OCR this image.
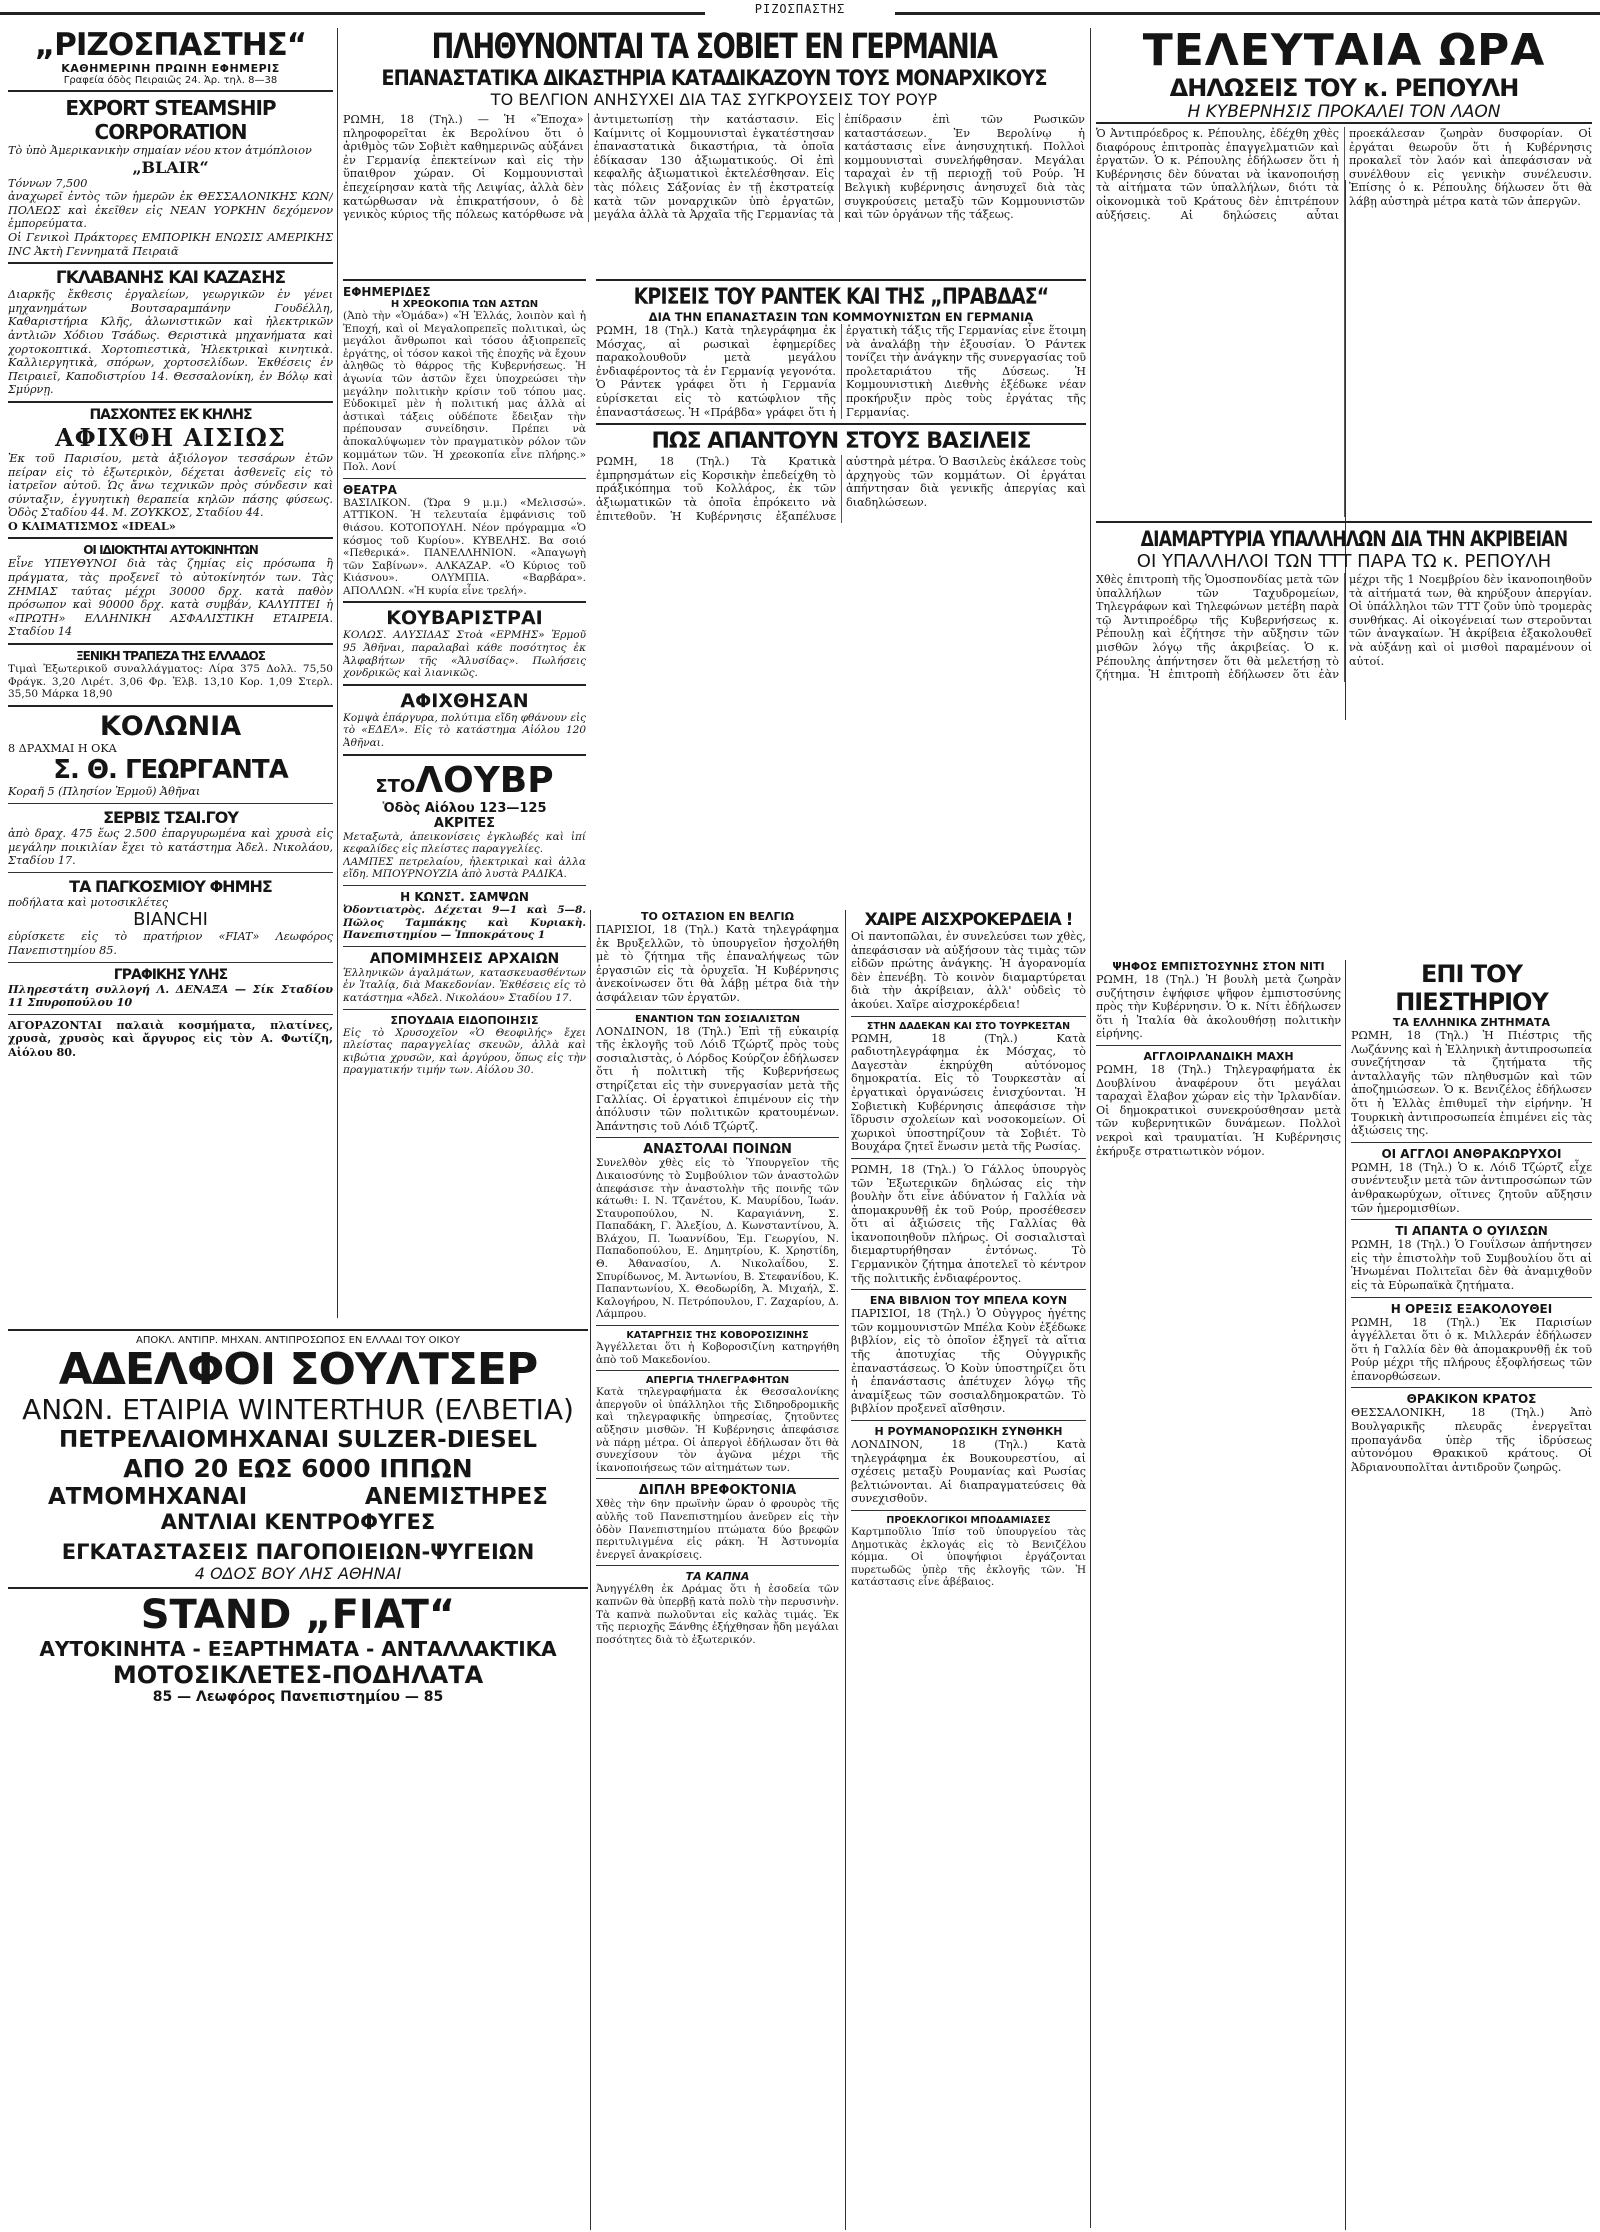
ΡΙΖΟΣΠΑΣΤΗΣ
„ΡΙΖΟΣΠΑΣΤΗΣ“
ΚΑΘΗΜΕΡΙΝΗ ΠΡΩΙΝΗ ΕΦΗΜΕΡΙΣ
Γραφεία όδὸς Πειραιῶς 24. Ἀρ. τηλ. 8—38
EXPORT STEAMSHIP CORPORATION
Τὸ ὑπὸ Ἀμερικανικὴν σημαίαν νέου κτον ἀτμόπλοιον
„BLAIR“
Τόννων 7,500
ἀναχωρεῖ ἐντὸς τῶν ἡμερῶν ἐκ ΘΕΣΣΑΛΟΝΙΚΗΣ ΚΩΝ/ΠΟΛΕΩΣ καὶ ἐκεῖθεν εἰς ΝΕΑΝ ΥΟΡΚΗΝ δεχόμενον ἐμπορεύματα.
Οἱ Γενικοὶ Πράκτορες ΕΜΠΟΡΙΚΗ ΕΝΩΣΙΣ ΑΜΕΡΙΚΗΣ INC Ἀκτὴ Γεννηματᾶ Πειραιᾶ
ΓΚΛΑΒΑΝΗΣ ΚΑΙ ΚΑΖΑΣΗΣ
Διαρκῆς ἔκθεσις ἐργαλείων, γεωργικῶν ἐν γένει μηχανημάτων Βουτσαραμπάνην Γουδέλλη, Καθαριστήρια Κλῆς, ἀλωνιστικῶν καὶ ἠλεκτρικῶν ἀντλιῶν Χόδιου Τσάδως. Θεριστικὰ μηχανήματα καὶ χορτοκοπτικά. Χορτοπιεστικὰ, Ἠλεκτρικαὶ κινητικὰ. Καλλιεργητικὰ, σπόρων, χορτοσελίδων. Ἐκθέσεις ἐν Πειραιεῖ, Καποδιστρίου 14. Θεσσαλονίκη, ἐν Βόλῳ καὶ Σμύρνῃ.
ΠΑΣΧΟΝΤΕΣ ΕΚ ΚΗΛΗΣ
ΑΦΙΧΘΗ ΑΙΣΙΩΣ
Ἐκ τοῦ Παρισίου, μετὰ ἀξιόλογον τεσσάρων ἐτῶν πείραν εἰς τὸ ἐξωτερικὸν, δέχεται ἀσθενεῖς εἰς τὸ ἰατρεῖον αὐτοῦ. Ὡς ἄνω τεχνικῶν πρὸς σύνδεσιν καὶ σύνταξιν, ἐγγυητικὴ θεραπεία κηλῶν πάσης φύσεως. Ὁδὸς Σταδίου 44. Μ. ΖΟΥΚΚΟΣ, Σταδίου 44.
Ο ΚΛΙΜΑΤΙΣΜΟΣ «IDEAL»
ΟΙ ΙΔΙΟΚΤΗΤΑΙ ΑΥΤΟΚΙΝΗΤΩΝ
Εἶνε ΥΠΕΥΘΥΝΟΙ διὰ τὰς ζημίας εἰς πρόσωπα ἢ πράγματα, τὰς προξενεῖ τὸ αὐτοκίνητόν των. Τὰς ΖΗΜΙΑΣ ταύτας μέχρι 30000 δρχ. κατὰ παθὸν πρόσωπον καὶ 90000 δρχ. κατὰ συμβάν, ΚΑΛΥΠΤΕΙ ἡ «ΠΡΩΤΗ» ΕΛΛΗΝΙΚΗ ΑΣΦΑΛΙΣΤΙΚΗ ΕΤΑΙΡΕΙΑ. Σταδίου 14
ΞΕΝΙΚΗ ΤΡΑΠΕΖΑ ΤΗΣ ΕΛΛΑΔΟΣ
Τιμαὶ Ἐξωτερικοῦ συναλλάγματος: Λίρα 375 Δολλ. 75,50 Φράγκ. 3,20 Λιρέτ. 3,06 Φρ. Ἑλβ. 13,10 Κορ. 1,09 Στερλ. 35,50 Μάρκα 18,90
ΚΟΛΩΝΙΑ
8 ΔΡΑΧΜΑΙ Η ΟΚΑ
Σ. Θ. ΓΕΩΡΓΑΝΤΑ
Κοραῆ 5 (Πλησίον Ἐρμοῦ) Ἀθῆναι
ΣΕΡΒΙΣ ΤΣΑΙ.ΓΟΥ
ἀπὸ δραχ. 475 ἕως 2.500 ἐπαργυρωμένα καὶ χρυσὰ εἰς μεγάλην ποικιλίαν ἔχει τὸ κατάστημα Ἀδελ. Νικολάου, Σταδίου 17.
ΤΑ ΠΑΓΚΟΣΜΙΟΥ ΦΗΜΗΣ
ποδήλατα καὶ μοτοσικλέτες
BIANCHI
εὑρίσκετε εἰς τὸ πρατήριον «FIAT» Λεωφόρος Πανεπιστημίου 85.
ΓΡΑΦΙΚΗΣ ΥΛΗΣ
Πληρεστάτη συλλογή Λ. ΔΕΝΑΞΑ — Σίκ Σταδίου 11 Σπυροπούλου 10
ΑΓΟΡΑΖΟΝΤΑΙ παλαιὰ κοσμήματα, πλατίνες, χρυσὰ, χρυσὸς καὶ ἄργυρος εἰς τὸν Α. Φωτίζη, Αἰόλου 80.
ΠΛΗΘΥΝΟΝΤΑΙ ΤΑ ΣΟΒΙΕΤ ΕΝ ΓΕΡΜΑΝΙΑ
ΕΠΑΝΑΣΤΑΤΙΚΑ ΔΙΚΑΣΤΗΡΙΑ ΚΑΤΑΔΙΚΑΖΟΥΝ ΤΟΥΣ ΜΟΝΑΡΧΙΚΟΥΣ
ΤΟ ΒΕΛΓΙΟΝ ΑΝΗΣΥΧΕΙ ΔΙΑ ΤΑΣ ΣΥΓΚΡΟΥΣΕΙΣ ΤΟΥ ΡΟΥΡ
ΡΩΜΗ, 18 (Τηλ.) — Ἡ «Ἔποχα» πληροφορεῖται ἐκ Βερολίνου ὅτι ὁ ἀριθμὸς τῶν Σοβιὲτ καθημερινῶς αὐξάνει ἐν Γερμανίᾳ ἐπεκτείνων καὶ εἰς τὴν ὕπαιθρον χώραν. Οἱ Κομμουνισταὶ ἐπεχείρησαν κατὰ τῆς Λειψίας, ἀλλὰ δὲν κατώρθωσαν νὰ ἐπικρατήσουν, ὁ δὲ γενικὸς κύριος τῆς πόλεως κατόρθωσε νὰ ἀντιμετωπίσῃ τὴν κατάστασιν. Εἰς Καίμνιτς οἱ Κομμουνισταὶ ἐγκατέστησαν ἐπαναστατικὰ δικαστήρια, τὰ ὁποῖα ἐδίκασαν 130 ἀξιωματικούς. Οἱ ἐπὶ κεφαλῆς ἀξιωματικοὶ ἐκτελέσθησαν. Εἰς τὰς πόλεις Σάξονίας ἐν τῇ ἐκστρατείᾳ κατὰ τῶν μοναρχικῶν ὑπὸ ἐργατῶν, μεγάλα ἀλλὰ τὰ Ἀρχαῖα τῆς Γερμανίας τὰ ἐπίδρασιν ἐπὶ τῶν Ρωσικῶν καταστάσεων. Ἐν Βερολίνῳ ἡ κατάστασις εἶνε ἀνησυχητική. Πολλοὶ κομμουνισταὶ συνελήφθησαν. Μεγάλαι ταραχαὶ ἐν τῇ περιοχῇ τοῦ Ρούρ. Ἡ Βελγικὴ κυβέρνησις ἀνησυχεῖ διὰ τὰς συγκρούσεις μεταξὺ τῶν Κομμουνιστῶν καὶ τῶν ὀργάνων τῆς τάξεως.
ΕΦΗΜΕΡΙΔΕΣ
Η ΧΡΕΟΚΟΠΙΑ ΤΩΝ ΑΣΤΩΝ
(Ἀπὸ τὴν «Ὁμάδα») «Ἡ Ἑλλάς, λοιπὸν καὶ ἡ Ἐποχή, καὶ οἱ Μεγαλοπρεπεῖς πολιτικαὶ, ὡς μεγάλοι ἄνθρωποι καὶ τόσου ἀξιοπρεπεῖς ἐργάτης, οἱ τόσον κακοὶ τῆς ἐποχῆς νὰ ἔχουν ἀληθῶς τὸ θάρρος τῆς Κυβερνήσεως. Ἡ ἀγωνία τῶν ἀστῶν ἔχει ὑποχρεώσει τὴν μεγάλην πολιτικὴν κρίσιν τοῦ τόπου μας. Εὐδοκιμεῖ μὲν ἡ πολιτική μας ἀλλὰ αἱ ἀστικαὶ τάξεις οὐδέποτε ἔδειξαν τὴν πρέπουσαν συνείδησιν. Πρέπει νὰ ἀποκαλύψωμεν τὸν πραγματικὸν ρόλον τῶν κομμάτων τῶν. Ἡ χρεοκοπία εἶνε πλήρης.» Πολ. Λονί
ΘΕΑΤΡΑ
ΒΑΣΙΛΙΚΟΝ. (Ὥρα 9 μ.μ.) «Μελισσώ». ΑΤΤΙΚΟΝ. Ἡ τελευταία ἐμφάνισις τοῦ θιάσου. ΚΟΤΟΠΟΥΛΗ. Νέον πρόγραμμα «Ὁ κόσμος τοῦ Κυρίου». ΚΥΒΕΛΗΣ. Βα σοιό «Πεθερικά». ΠΑΝΕΛΛΗΝΙΟΝ. «Ἀπαγωγὴ τῶν Σαβίνων». ΑΛΚΑΖΑΡ. «Ὁ Κύριος τοῦ Κιάσνου». ΟΛΥΜΠΙΑ. «Βαρβάρα». ΑΠΟΛΛΩΝ. «Ἡ κυρία εἶνε τρελή».
ΚΟΥΒΑΡΙΣΤΡΑΙ
ΚΟΛΩΣ. ΑΛΥΣΙΔΑΣ Στοὰ «ΕΡΜΗΣ» Ἐρμοῦ 95 Ἀθῆναι, παραλαβαὶ κάθε ποσότητος ἐκ Ἀλφαβήτων τῆς «Ἀλυσίδας». Πωλήσεις χονδρικῶς καὶ λιανικῶς.
ΑΦΙΧΘΗΣΑΝ
Κομψὰ ἐπάργυρα, πολύτιμα εἴδη φθάνουν εἰς τὸ «ΕΔΕΛ». Εἰς τὸ κατάστημα Αἰόλου 120 Ἀθῆναι.
ΣΤΟΛΟΥΒΡ
Ὁδὸς Αἰόλου 123—125
ΑΚΡΙΤΕΣ
Μεταξωτὰ, ἀπεικονίσεις ἐγκλωβές καὶ ἰπί κεφαλίδες εἰς πλείστες παραγγελίες.
ΛΑΜΠΕΣ πετρελαίου, ἠλεκτρικαὶ καὶ ἀλλα εἴδη. ΜΠΟΥΡΝΟΥΖΙΑ ἀπὸ λυστὰ ΡΑΔΙΚΑ.
Η ΚΩΝΣΤ. ΣΑΜΨΩΝ
Ὀδοντιατρὸς. Δέχεται 9—1 καὶ 5—8. Πῶλος Ταμπάκης καὶ Κυριακὴ. Πανεπιστημίου — Ἱπποκράτους 1
ΑΠΟΜΙΜΗΣΕΙΣ ΑΡΧΑΙΩΝ
Ἑλληνικῶν ἀγαλμάτων, κατασκευασθέντων ἐν Ἰταλίᾳ, διὰ Μακεδονίαν. Ἐκθέσεις εἰς τὸ κατάστημα «Ἀδελ. Νικολάου» Σταδίου 17.
ΣΠΟΥΔΑΙΑ ΕΙΔΟΠΟΙΗΣΙΣ
Εἰς τὸ Χρυσοχεῖον «Ὁ Θεοφιλής» ἔχει πλείστας παραγγελίας σκευῶν, ἀλλὰ καὶ κιβώτια χρυσῶν, καὶ ἀργύρου, ὅπως εἰς τὴν πραγματικήν τιμήν των. Αἰόλου 30.
ΚΡΙΣΕΙΣ ΤΟΥ ΡΑΝΤΕΚ ΚΑΙ ΤΗΣ „ΠΡΑΒΔΑΣ“
ΔΙΑ ΤΗΝ ΕΠΑΝΑΣΤΑΣΙΝ ΤΩΝ ΚΟΜΜΟΥΝΙΣΤΩΝ ΕΝ ΓΕΡΜΑΝΙΑ
ΡΩΜΗ, 18 (Τηλ.) Κατὰ τηλεγράφημα ἐκ Μόσχας, αἱ ρωσικαὶ ἐφημερίδες παρακολουθοῦν μετὰ μεγάλου ἐνδιαφέροντος τὰ ἐν Γερμανίᾳ γεγονότα. Ὁ Ράντεκ γράφει ὅτι ἡ Γερμανία εὑρίσκεται εἰς τὸ κατώφλιον τῆς ἐπαναστάσεως. Ἡ «Πράβδα» γράφει ὅτι ἡ ἐργατικὴ τάξις τῆς Γερμανίας εἶνε ἕτοιμη νὰ ἀναλάβῃ τὴν ἐξουσίαν. Ὁ Ράντεκ τονίζει τὴν ἀνάγκην τῆς συνεργασίας τοῦ προλεταριάτου τῆς Δύσεως. Ἡ Κομμουνιστικὴ Διεθνὴς ἐξέδωκε νέαν προκήρυξιν πρὸς τοὺς ἐργάτας τῆς Γερμανίας.
ΠΩΣ ΑΠΑΝΤΟΥΝ ΣΤΟΥΣ ΒΑΣΙΛΕΙΣ
ΡΩΜΗ, 18 (Τηλ.) Τὰ Κρατικὰ ἐμπρησμάτων εἰς Κορσικὴν ἐπεδείχθη τὸ πράξικόπημα τοῦ Κολλάρος, ἐκ τῶν ἀξιωματικῶν τὰ ὁποῖα ἐπρόκειτο νὰ ἐπιτεθοῦν. Ἡ Κυβέρνησις ἐξαπέλυσε αὐστηρὰ μέτρα. Ὁ Βασιλεὺς ἐκάλεσε τοὺς ἀρχηγοὺς τῶν κομμάτων. Οἱ ἐργάται ἀπήντησαν διὰ γενικῆς ἀπεργίας καὶ διαδηλώσεων.
ΤΟ ΟΣΤΑΣΙΟΝ ΕΝ ΒΕΛΓΙΩ
ΠΑΡΙΣΙΟΙ, 18 (Τηλ.) Κατὰ τηλεγράφημα ἐκ Βρυξελλῶν, τὸ ὑπουργεῖον ἠσχολήθη μὲ τὸ ζήτημα τῆς ἐπαναλήψεως τῶν ἐργασιῶν εἰς τὰ ὀρυχεῖα. Ἡ Κυβέρνησις ἀνεκοίνωσεν ὅτι θὰ λάβῃ μέτρα διὰ τὴν ἀσφάλειαν τῶν ἐργατῶν.
ΕΝΑΝΤΙΟΝ ΤΩΝ ΣΟΣΙΑΛΙΣΤΩΝ
ΛΟΝΔΙΝΟΝ, 18 (Τηλ.) Ἐπὶ τῇ εὐκαιρίᾳ τῆς ἐκλογῆς τοῦ Λόιδ Τζώρτζ πρὸς τοὺς σοσιαλιστὰς, ὁ Λόρδος Κούρζον ἐδήλωσεν ὅτι ἡ πολιτικὴ τῆς Κυβερνήσεως στηρίζεται εἰς τὴν συνεργασίαν μετὰ τῆς Γαλλίας. Οἱ ἐργατικοὶ ἐπιμένουν εἰς τὴν ἀπόλυσιν τῶν πολιτικῶν κρατουμένων. Ἀπάντησις τοῦ Λόιδ Τζώρτζ.
ΑΝΑΣΤΟΛΑΙ ΠΟΙΝΩΝ
Συνελθὸν χθὲς εἰς τὸ Ὑπουργεῖον τῆς Δικαιοσύνης τὸ Συμβούλιον τῶν ἀναστολῶν ἀπεφάσισε τὴν ἀναστολὴν τῆς ποινῆς τῶν κάτωθι: Ι. Ν. Τζανέτου, Κ. Μαυρίδου, Ἰωάν. Σταυροπούλου, Ν. Καραγιάννη, Σ. Παπαδάκη, Γ. Ἀλεξίου, Δ. Κωνσταντίνου, Ἀ. Βλάχου, Π. Ἰωαννίδου, Ἐμ. Γεωργίου, Ν. Παπαδοπούλου, Ε. Δημητρίου, Κ. Χρηστίδη, Θ. Ἀθανασίου, Λ. Νικολαΐδου, Σ. Σπυρίδωνος, Μ. Ἀντωνίου, Β. Στεφανίδου, Κ. Παπαντωνίου, Χ. Θεοδωρίδη, Ἀ. Μιχαήλ, Σ. Καλογήρου, Ν. Πετρόπουλου, Γ. Ζαχαρίου, Δ. Λάμπρου.
ΚΑΤΑΡΓΗΣΙΣ ΤΗΣ ΚΟΒΟΡΟΣΙΖΙΝΗΣ
Ἀγγέλλεται ὅτι ἡ Κοβοροσιζίνη κατηργήθη ἀπὸ τοῦ Μακεδονίου.
ΑΠΕΡΓΙΑ ΤΗΛΕΓΡΑΦΗΤΩΝ
Κατὰ τηλεγραφήματα ἐκ Θεσσαλονίκης ἀπεργοῦν οἱ ὑπάλληλοι τῆς Σιδηροδρομικῆς καὶ τηλεγραφικῆς ὑπηρεσίας, ζητοῦντες αὔξησιν μισθῶν. Ἡ Κυβέρνησις ἀπεφάσισε νὰ πάρῃ μέτρα. Οἱ ἀπεργοὶ ἐδήλωσαν ὅτι θὰ συνεχίσουν τὸν ἀγῶνα μέχρι τῆς ἱκανοποιήσεως τῶν αἰτημάτων των.
ΔΙΠΛΗ ΒΡΕΦΟΚΤΟΝΙΑ
Χθὲς τὴν 6ην πρωϊνὴν ὥραν ὁ φρουρὸς τῆς αὐλῆς τοῦ Πανεπιστημίου ἀνεῦρεν εἰς τὴν ὁδὸν Πανεπιστημίου πτώματα δύο βρεφῶν περιτυλιγμένα εἰς ράκη. Ἡ Ἀστυνομία ἐνεργεῖ ἀνακρίσεις.
ΤΑ ΚΑΠΝΑ
Ἀνηγγέλθη ἐκ Δράμας ὅτι ἡ ἐσοδεία τῶν καπνῶν θὰ ὑπερβῇ κατὰ πολὺ τὴν περυσινὴν. Τὰ καπνὰ πωλοῦνται εἰς καλὰς τιμάς. Ἐκ τῆς περιοχῆς Ξάνθης ἐξήχθησαν ἤδη μεγάλαι ποσότητες διὰ τὸ ἐξωτερικόν.
ΧΑΙΡΕ ΑΙΣΧΡΟΚΕΡΔΕΙΑ !
Οἱ παντοπῶλαι, ἐν συνελεύσει των χθὲς, ἀπεφάσισαν νὰ αὐξήσουν τὰς τιμὰς τῶν εἰδῶν πρώτης ἀνάγκης. Ἡ ἀγορανομία δὲν ἐπενέβη. Τὸ κοινὸν διαμαρτύρεται διὰ τὴν ἀκρίβειαν, ἀλλ' οὐδεὶς τὸ ἀκούει. Χαῖρε αἰσχροκέρδεια!
ΣΤΗΝ ΔΑΔΕΚΑΝ ΚΑΙ ΣΤΟ ΤΟΥΡΚΕΣΤΑΝ
ΡΩΜΗ, 18 (Τηλ.) Κατὰ ραδιοτηλεγράφημα ἐκ Μόσχας, τὸ Δαγεστὰν ἐκηρύχθη αὐτόνομος δημοκρατία. Εἰς τὸ Τουρκεστὰν αἱ ἐργατικαὶ ὀργανώσεις ἐνισχύονται. Ἡ Σοβιετικὴ Κυβέρνησις ἀπεφάσισε τὴν ἵδρυσιν σχολείων καὶ νοσοκομείων. Οἱ χωρικοὶ ὑποστηρίζουν τὰ Σοβιέτ. Τὸ Βουχάρα ζητεῖ ἕνωσιν μετὰ τῆς Ρωσίας.
ΡΩΜΗ, 18 (Τηλ.) Ὁ Γάλλος ὑπουργὸς τῶν Ἐξωτερικῶν δηλώσας εἰς τὴν βουλὴν ὅτι εἶνε ἀδύνατον ἡ Γαλλία νὰ ἀπομακρυνθῇ ἐκ τοῦ Ρούρ, προσέθεσεν ὅτι αἱ ἀξιώσεις τῆς Γαλλίας θὰ ἰκανοποιηθοῦν πλήρως. Οἱ σοσιαλισταὶ διεμαρτυρήθησαν ἐντόνως. Τὸ Γερμανικὸν ζήτημα ἀποτελεῖ τὸ κέντρον τῆς πολιτικῆς ἐνδιαφέροντος.
ΕΝΑ ΒΙΒΛΙΟΝ ΤΟΥ ΜΠΕΛΑ ΚΟΥΝ
ΠΑΡΙΣΙΟΙ, 18 (Τηλ.) Ὁ Οὐγγρος ἡγέτης τῶν κομμουνιστῶν Μπέλα Κοὺν ἐξέδωκε βιβλίον, εἰς τὸ ὁποῖον ἐξηγεῖ τὰ αἴτια τῆς ἀποτυχίας τῆς Οὐγγρικῆς ἐπαναστάσεως. Ὁ Κοὺν ὑποστηρίζει ὅτι ἡ ἐπανάστασις ἀπέτυχεν λόγῳ τῆς ἀναμίξεως τῶν σοσιαλδημοκρατῶν. Τὸ βιβλίον προξενεῖ αἴσθησιν.
Η ΡΟΥΜΑΝΟΡΩΣΙΚΗ ΣΥΝΘΗΚΗ
ΛΟΝΔΙΝΟΝ, 18 (Τηλ.) Κατὰ τηλεγράφημα ἐκ Βουκουρεστίου, αἱ σχέσεις μεταξὺ Ρουμανίας καὶ Ρωσίας βελτιώνονται. Αἱ διαπραγματεύσεις θὰ συνεχισθοῦν.
ΠΡΟΕΚΛΟΓΙΚΟΙ ΜΠΟΔΑΜΙΑΣΕΣ
Καρτμποῦλιο Ἰπίσ τοῦ ὑπουργείου τὰς Δημοτικὰς ἐκλογάς εἰς τὸ Βενιζέλου κόμμα. Οἱ ὑποψήφιοι ἐργάζονται πυρετωδῶς ὑπὲρ τῆς ἐκλογῆς τῶν. Ἡ κατάστασις εἶνε ἀβέβαιος.
ΤΕΛΕΥΤΑΙΑ ΩΡΑ
ΔΗΛΩΣΕΙΣ ΤΟΥ κ. ΡΕΠΟΥΛΗ
Η ΚΥΒΕΡΝΗΣΙΣ ΠΡΟΚΑΛΕΙ ΤΟΝ ΛΑΟΝ
Ὁ Ἀντιπρόεδρος κ. Ρέπουλης, ἐδέχθη χθὲς διαφόρους ἐπιτροπὰς ἐπαγγελματιῶν καὶ ἐργατῶν. Ὁ κ. Ρέπουλης ἐδήλωσεν ὅτι ἡ Κυβέρνησις δὲν δύναται νὰ ἱκανοποιήσῃ τὰ αἰτήματα τῶν ὑπαλλήλων, διότι τὰ οἰκονομικὰ τοῦ Κράτους δὲν ἐπιτρέπουν αὐξήσεις. Αἱ δηλώσεις αὗται προεκάλεσαν ζωηρὰν δυσφορίαν. Οἱ ἐργάται θεωροῦν ὅτι ἡ Κυβέρνησις προκαλεῖ τὸν λαόν καὶ ἀπεφάσισαν νὰ συνέλθουν εἰς γενικὴν συνέλευσιν. Ἐπίσης ὁ κ. Ρέπουλης δήλωσεν ὅτι θὰ λάβῃ αὐστηρὰ μέτρα κατὰ τῶν ἀπεργῶν.
ΔΙΑΜΑΡΤΥΡΙΑ ΥΠΑΛΛΗΛΩΝ ΔΙΑ ΤΗΝ ΑΚΡΙΒΕΙΑΝ
ΟΙ ΥΠΑΛΛΗΛΟΙ ΤΩΝ ΤΤΤ ΠΑΡΑ ΤΩ κ. ΡΕΠΟΥΛΗ
Χθὲς ἐπιτροπὴ τῆς Ὁμοσπονδίας μετὰ τῶν ὑπαλλήλων τῶν Ταχυδρομείων, Τηλεγράφων καὶ Τηλεφώνων μετέβη παρὰ τῷ Ἀντιπροέδρῳ τῆς Κυβερνήσεως κ. Ρέπουλῃ καὶ ἐζήτησε τὴν αὔξησιν τῶν μισθῶν λόγῳ τῆς ἀκριβείας. Ὁ κ. Ρέπουλης ἀπήντησεν ὅτι θὰ μελετήσῃ τὸ ζήτημα. Ἡ ἐπιτροπὴ ἐδήλωσεν ὅτι ἐὰν μέχρι τῆς 1 Νοεμβρίου δὲν ἱκανοποιηθοῦν τὰ αἰτήματά των, θὰ κηρύξουν ἀπεργίαν. Οἱ ὑπάλληλοι τῶν ΤΤΤ ζοῦν ὑπὸ τρομερὰς συνθήκας. Αἱ οἰκογένειαί των στεροῦνται τῶν ἀναγκαίων. Ἡ ἀκρίβεια ἐξακολουθεῖ νὰ αὐξάνῃ καὶ οἱ μισθοὶ παραμένουν οἱ αὐτοί.
ΨΗΦΟΣ ΕΜΠΙΣΤΟΣΥΝΗΣ ΣΤΟΝ ΝΙΤΙ
ΡΩΜΗ, 18 (Τηλ.) Ἡ βουλὴ μετὰ ζωηρὰν συζήτησιν ἐψήφισε ψῆφον ἐμπιστοσύνης πρὸς τὴν Κυβέρνησιν. Ὁ κ. Νίτι ἐδήλωσεν ὅτι ἡ Ἰταλία θὰ ἀκολουθήσῃ πολιτικὴν εἰρήνης.
ΑΓΓΛΟΙΡΛΑΝΔΙΚΗ ΜΑΧΗ
ΡΩΜΗ, 18 (Τηλ.) Τηλεγραφήματα ἐκ Δουβλίνου ἀναφέρουν ὅτι μεγάλαι ταραχαὶ ἔλαβον χώραν εἰς τὴν Ἰρλανδίαν. Οἱ δημοκρατικοὶ συνεκρούσθησαν μετὰ τῶν κυβερνητικῶν δυνάμεων. Πολλοὶ νεκροὶ καὶ τραυματίαι. Ἡ Κυβέρνησις ἐκήρυξε στρατιωτικὸν νόμον.
ΕΠΙ ΤΟΥ ΠΙΕΣΤΗΡΙΟΥ
ΤΑ ΕΛΛΗΝΙΚΑ ΖΗΤΗΜΑΤΑ
ΡΩΜΗ, 18 (Τηλ.) Ἡ Πιέστρις τῆς Λωζάννης καὶ ἡ Ἑλληνικὴ ἀντιπροσωπεία συνεζήτησαν τὰ ζητήματα τῆς ἀνταλλαγῆς τῶν πληθυσμῶν καὶ τῶν ἀποζημιώσεων. Ὁ κ. Βενιζέλος ἐδήλωσεν ὅτι ἡ Ἑλλὰς ἐπιθυμεῖ τὴν εἰρήνην. Ἡ Τουρκικὴ ἀντιπροσωπεία ἐπιμένει εἰς τὰς ἀξιώσεις της.
ΟΙ ΑΓΓΛΟΙ ΑΝΘΡΑΚΩΡΥΧΟΙ
ΡΩΜΗ, 18 (Τηλ.) Ὁ κ. Λόιδ Τζώρτζ εἶχε συνέντευξιν μετὰ τῶν ἀντιπροσώπων τῶν ἀνθρακωρύχων, οἵτινες ζητοῦν αὔξησιν τῶν ἡμερομισθίων.
ΤΙ ΑΠΑΝΤΑ Ο ΟΥΙΛΣΩΝ
ΡΩΜΗ, 18 (Τηλ.) Ὁ Γουΐλσων ἀπήντησεν εἰς τὴν ἐπιστολὴν τοῦ Συμβουλίου ὅτι αἱ Ἡνωμέναι Πολιτεῖαι δὲν θὰ ἀναμιχθοῦν εἰς τὰ Εὐρωπαϊκὰ ζητήματα.
Η ΟΡΕΞΙΣ ΕΞΑΚΟΛΟΥΘΕΙ
ΡΩΜΗ, 18 (Τηλ.) Ἐκ Παρισίων ἀγγέλλεται ὅτι ὁ κ. Μιλλεράν ἐδήλωσεν ὅτι ἡ Γαλλία δὲν θὰ ἀπομακρυνθῇ ἐκ τοῦ Ρούρ μέχρι τῆς πλήρους ἐξοφλήσεως τῶν ἐπανορθώσεων.
ΘΡΑΚΙΚΟΝ ΚΡΑΤΟΣ
ΘΕΣΣΑΛΟΝΙΚΗ, 18 (Τηλ.) Ἀπὸ Βουλγαρικῆς πλευρᾶς ἐνεργεῖται προπαγάνδα ὑπὲρ τῆς ἱδρύσεως αὐτονόμου Θρακικοῦ κράτους. Οἱ Ἀδριανουπολῖται ἀντιδροῦν ζωηρῶς.
ΑΠΟΚΛ. ΑΝΤΙΠΡ. ΜΗΧΑΝ. ΑΝΤΙΠΡΟΣΩΠΟΣ ΕΝ ΕΛΛΑΔΙ ΤΟΥ ΟΙΚΟΥ
ΑΔΕΛΦΟΙ ΣΟΥΛΤΣΕΡ
ΑΝΩΝ. ΕΤΑΙΡΙΑ WINTERTHUR (ΕΛΒΕΤΙΑ)
ΠΕΤΡΕΛΑΙΟΜΗΧΑΝΑΙ SULZER-DIESEL
ΑΠΟ 20 ΕΩΣ 6000 ΙΠΠΩΝ
ΑΤΜΟΜΗΧΑΝΑΙ	ΑΝΕΜΙΣΤΗΡΕΣ
ΑΝΤΛΙΑΙ ΚΕΝΤΡΟΦΥΓΕΣ
ΕΓΚΑΤΑΣΤΑΣΕΙΣ ΠΑΓΟΠΟΙΕΙΩΝ-ΨΥΓΕΙΩΝ
4 ΟΔΟΣ ΒΟΥ ΛΗΣ ΑΘΗΝΑΙ
STAND „FIAT“
ΑΥΤΟΚΙΝΗΤΑ - ΕΞΑΡΤΗΜΑΤΑ - ΑΝΤΑΛΛΑΚΤΙΚΑ
ΜΟΤΟΣΙΚΛΕΤΕΣ-ΠΟΔΗΛΑΤΑ
85 — Λεωφόρος Πανεπιστημίου — 85
